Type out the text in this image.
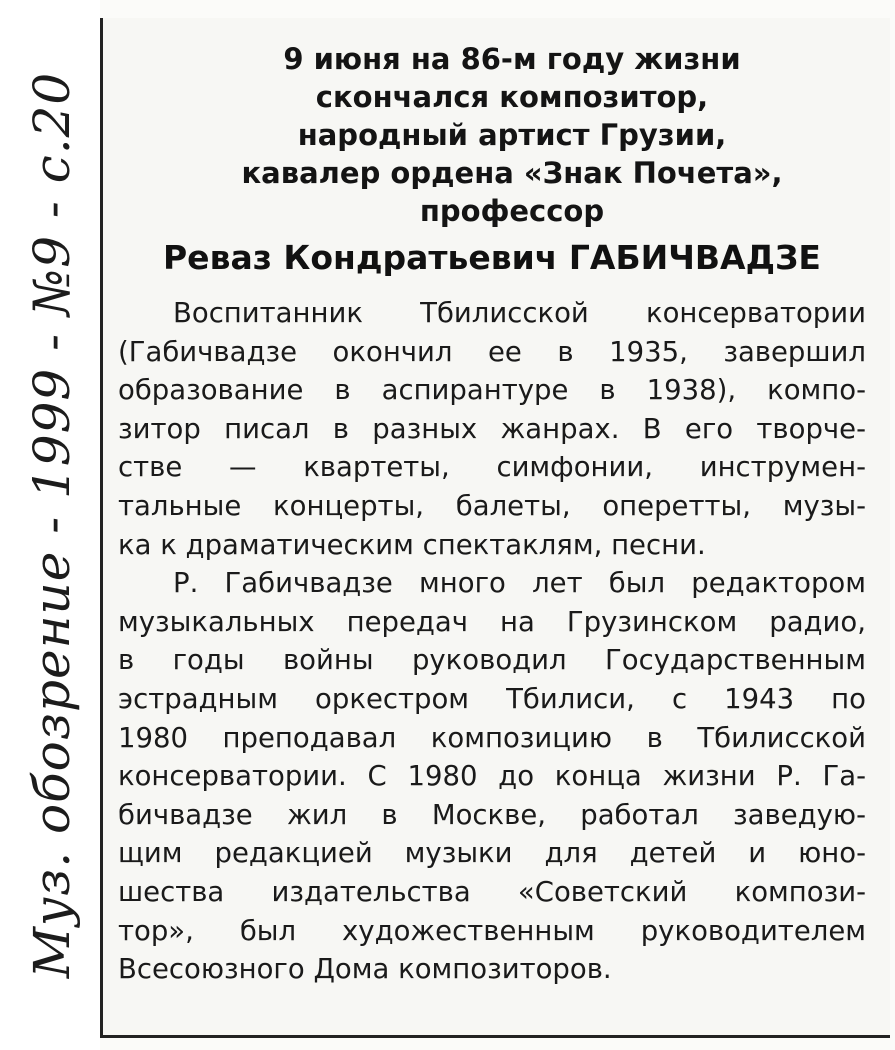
Муз. обозрение - 1999 - №9 - с.20
9 июня на 86-м году жизни
скончался композитор,
народный артист Грузии,
кавалер ордена «Знак Почета»,
профессор
Реваз Кондратьевич ГАБИЧВАДЗЕ
Воспитанник Тбилисской консерватории
(Габичвадзе окончил ее в 1935, завершил
образование в аспирантуре в 1938), компо-
зитор писал в разных жанрах. В его творче-
стве — квартеты, симфонии, инструмен-
тальные концерты, балеты, оперетты, музы-
ка к драматическим спектаклям, песни.
Р. Габичвадзе много лет был редактором
музыкальных передач на Грузинском радио,
в годы войны руководил Государственным
эстрадным оркестром Тбилиси, с 1943 по
1980 преподавал композицию в Тбилисской
консерватории. С 1980 до конца жизни Р. Га-
бичвадзе жил в Москве, работал заведую-
щим редакцией музыки для детей и юно-
шества издательства «Советский компози-
тор», был художественным руководителем
Всесоюзного Дома композиторов.
